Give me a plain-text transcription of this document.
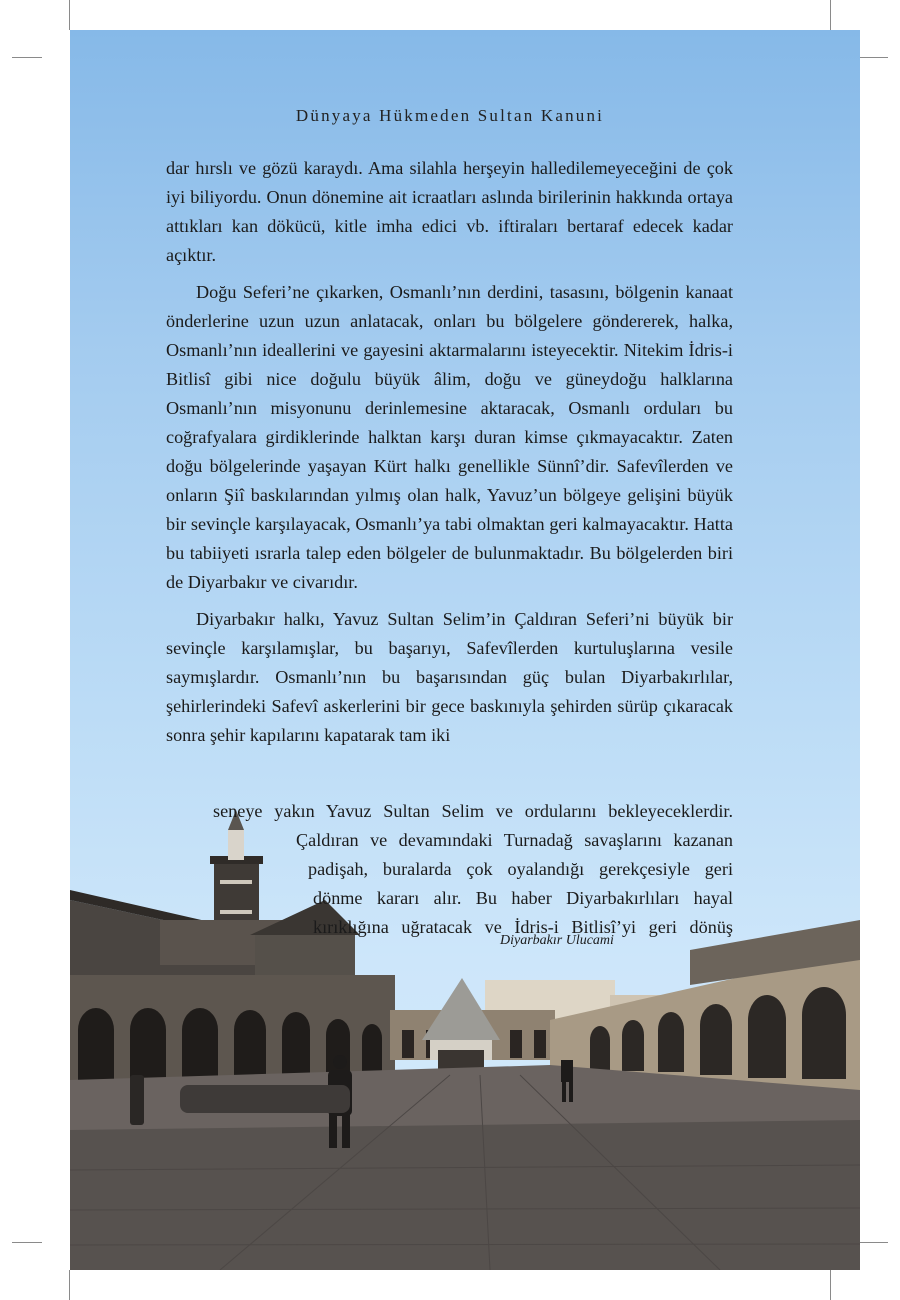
Dünyaya Hükmeden Sultan Kanuni

dar hırslı ve gözü karaydı. Ama silahla herşeyin halledilemeyeceğini de çok iyi biliyordu. Onun dönemine ait icraatları aslında birilerinin hakkında ortaya attıkları kan dökücü, kitle imha edici vb. iftiraları bertaraf edecek kadar açıktır.

Doğu Seferi’ne çıkarken, Osmanlı’nın derdini, tasasını, bölgenin kanaat önderlerine uzun uzun anlatacak, onları bu bölgelere göndererek, halka, Osmanlı’nın ideallerini ve gayesini aktarmalarını isteyecektir. Nitekim İdris-i Bitlisî gibi nice doğulu büyük âlim, doğu ve güneydoğu halklarına Osmanlı’nın misyonunu derinlemesine aktaracak, Osmanlı orduları bu coğrafyalara girdiklerinde halktan karşı duran kimse çıkmayacaktır. Zaten doğu bölgelerinde yaşayan Kürt halkı genellikle Sünnî’dir. Safevîlerden ve onların Şiî baskılarından yılmış olan halk, Yavuz’un bölgeye gelişini büyük bir sevinçle karşılayacak, Osmanlı’ya tabi olmaktan geri kalmayacaktır. Hatta bu tabiiyeti ısrarla talep eden bölgeler de bulunmaktadır. Bu bölgelerden biri de Diyarbakır ve civarıdır.

Diyarbakır halkı, Yavuz Sultan Selim’in Çaldıran Seferi’ni büyük bir sevinçle karşılamışlar, bu başarıyı, Safevîlerden kurtuluşlarına vesile saymışlardır. Osmanlı’nın bu başarısından güç bulan Diyarbakırlılar, şehirlerindeki Safevî askerlerini bir gece baskınıyla şehirden sürüp çıkaracak sonra şehir kapılarını kapatarak tam iki

seneye yakın Yavuz Sultan Selim ve ordularını bekleyeceklerdir.
Çaldıran ve devamındaki Turnadağ savaşlarını kazanan
padişah, buralarda çok oyalandığı gerekçesiyle geri
dönme kararı alır. Bu haber Diyarbakırlıları hayal
kırıklığına uğratacak ve İdris-i Bitlisî’yi geri dönüş
Diyarbakır Ulucami
